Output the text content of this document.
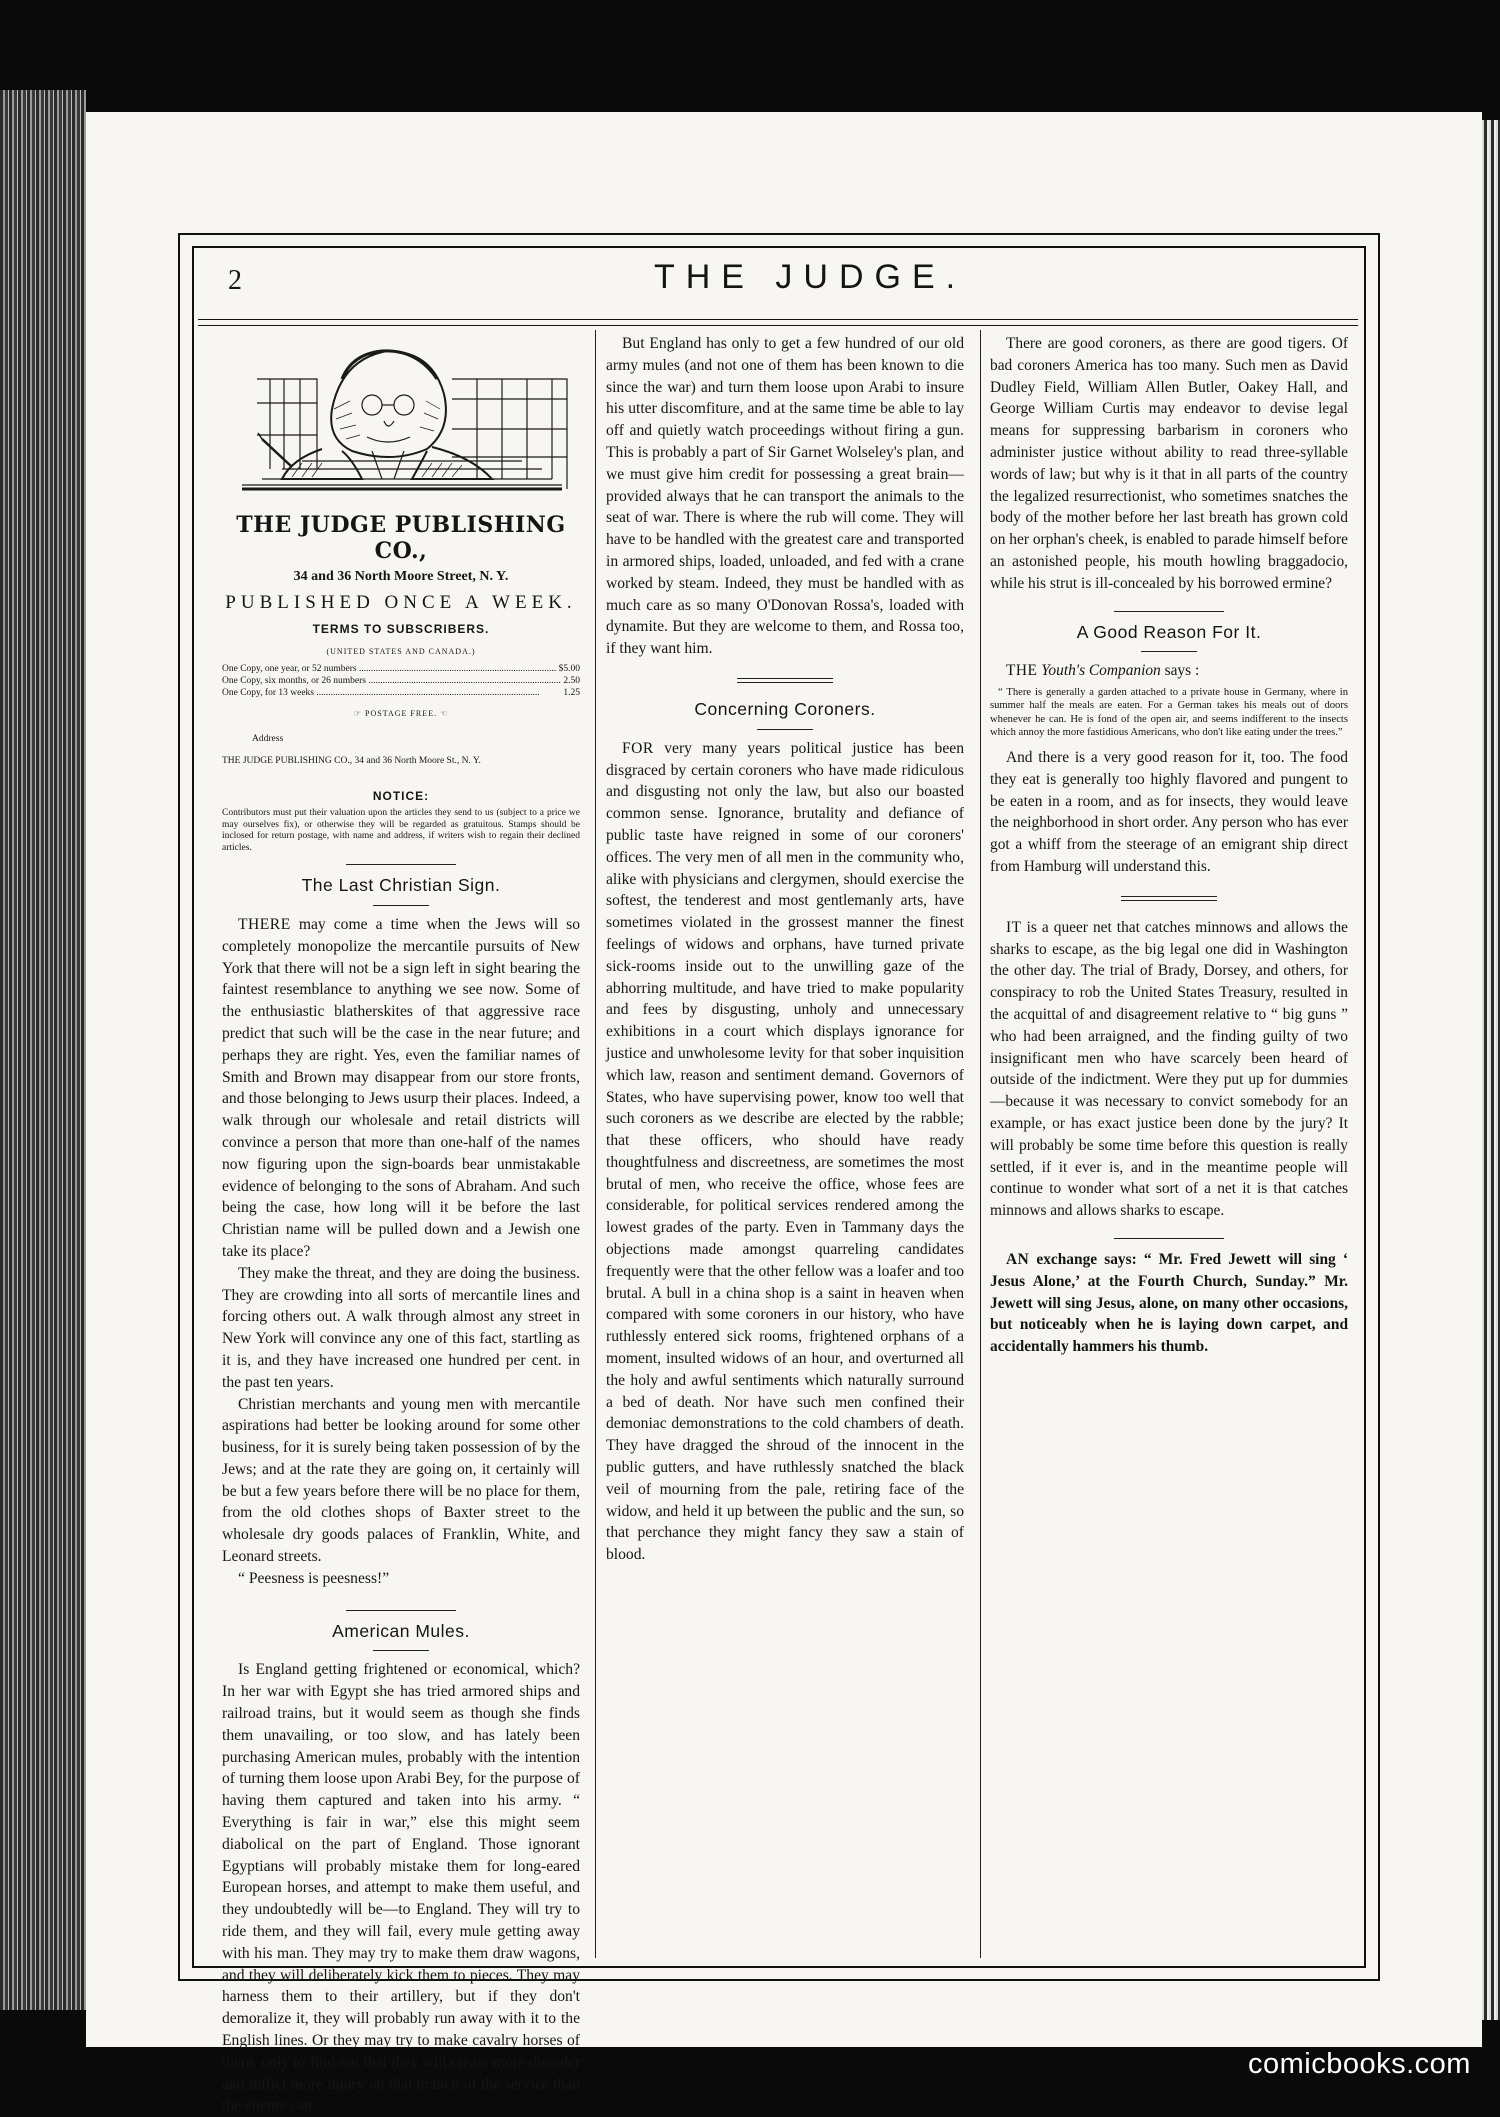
2	THE JUDGE.
THE JUDGE PUBLISHING CO.,
34 and 36 North Moore Street, N. Y.
PUBLISHED ONCE A WEEK.
TERMS TO SUBSCRIBERS.
(UNITED STATES AND CANADA.)
One Copy, one year, or 52 numbers .....	$5.00
One Copy, six months, or 26 numbers .....	2.50
One Copy, for 13 weeks .....	1.25
☞ POSTAGE FREE. ☜
Address
THE JUDGE PUBLISHING CO., 34 and 36 North Moore St., N. Y.
NOTICE:
Contributors must put their valuation upon the articles they send to us (subject to a price we may ourselves fix), or otherwise they will be regarded as gratuitous. Stamps should be inclosed for return postage, with name and address, if writers wish to regain their declined articles.
The Last Christian Sign.

THERE may come a time when the Jews will so completely monopolize the mercantile pursuits of New York that there will not be a sign left in sight bearing the faintest resemblance to anything we see now. Some of the enthusiastic blatherskites of that aggressive race predict that such will be the case in the near future; and perhaps they are right. Yes, even the familiar names of Smith and Brown may disappear from our store fronts, and those belonging to Jews usurp their places. Indeed, a walk through our wholesale and retail districts will convince a person that more than one-half of the names now figuring upon the sign-boards bear unmistakable evidence of belonging to the sons of Abraham. And such being the case, how long will it be before the last Christian name will be pulled down and a Jewish one take its place?

They make the threat, and they are doing the business. They are crowding into all sorts of mercantile lines and forcing others out. A walk through almost any street in New York will convince any one of this fact, startling as it is, and they have increased one hundred per cent. in the past ten years.

Christian merchants and young men with mercantile aspirations had better be looking around for some other business, for it is surely being taken possession of by the Jews; and at the rate they are going on, it certainly will be but a few years before there will be no place for them, from the old clothes shops of Baxter street to the wholesale dry goods palaces of Franklin, White, and Leonard streets.

“ Peesness is peesness!”

American Mules.

Is England getting frightened or economical, which? In her war with Egypt she has tried armored ships and railroad trains, but it would seem as though she finds them unavailing, or too slow, and has lately been purchasing American mules, probably with the intention of turning them loose upon Arabi Bey, for the purpose of having them captured and taken into his army. “ Everything is fair in war,” else this might seem diabolical on the part of England. Those ignorant Egyptians will probably mistake them for long-eared European horses, and attempt to make them useful, and they undoubtedly will be—to England. They will try to ride them, and they will fail, every mule getting away with his man. They may try to make them draw wagons, and they will deliberately kick them to pieces. They may harness them to their artillery, but if they don't demoralize it, they will probably run away with it to the English lines. Or they may try to make cavalry horses of them, only to find out that they will create more disorder and inflict more injury on that branch of the service than the enemy can.

But England has only to get a few hundred of our old army mules (and not one of them has been known to die since the war) and turn them loose upon Arabi to insure his utter discomfiture, and at the same time be able to lay off and quietly watch proceedings without firing a gun. This is probably a part of Sir Garnet Wolseley's plan, and we must give him credit for possessing a great brain—provided always that he can transport the animals to the seat of war. There is where the rub will come. They will have to be handled with the greatest care and transported in armored ships, loaded, unloaded, and fed with a crane worked by steam. Indeed, they must be handled with as much care as so many O'Donovan Rossa's, loaded with dynamite. But they are welcome to them, and Rossa too, if they want him.

Concerning Coroners.

FOR very many years political justice has been disgraced by certain coroners who have made ridiculous and disgusting not only the law, but also our boasted common sense. Ignorance, brutality and defiance of public taste have reigned in some of our coroners' offices. The very men of all men in the community who, alike with physicians and clergymen, should exercise the softest, the tenderest and most gentlemanly arts, have sometimes violated in the grossest manner the finest feelings of widows and orphans, have turned private sick-rooms inside out to the unwilling gaze of the abhorring multitude, and have tried to make popularity and fees by disgusting, unholy and unnecessary exhibitions in a court which displays ignorance for justice and unwholesome levity for that sober inquisition which law, reason and sentiment demand. Governors of States, who have supervising power, know too well that such coroners as we describe are elected by the rabble; that these officers, who should have ready thoughtfulness and discreetness, are sometimes the most brutal of men, who receive the office, whose fees are considerable, for political services rendered among the lowest grades of the party. Even in Tammany days the objections made amongst quarreling candidates frequently were that the other fellow was a loafer and too brutal. A bull in a china shop is a saint in heaven when compared with some coroners in our history, who have ruthlessly entered sick rooms, frightened orphans of a moment, insulted widows of an hour, and overturned all the holy and awful sentiments which naturally surround a bed of death. Nor have such men confined their demoniac demonstrations to the cold chambers of death. They have dragged the shroud of the innocent in the public gutters, and have ruthlessly snatched the black veil of mourning from the pale, retiring face of the widow, and held it up between the public and the sun, so that perchance they might fancy they saw a stain of blood.

There are good coroners, as there are good tigers. Of bad coroners America has too many. Such men as David Dudley Field, William Allen Butler, Oakey Hall, and George William Curtis may endeavor to devise legal means for suppressing barbarism in coroners who administer justice without ability to read three-syllable words of law; but why is it that in all parts of the country the legalized resurrectionist, who sometimes snatches the body of the mother before her last breath has grown cold on her orphan's cheek, is enabled to parade himself before an astonished people, his mouth howling braggadocio, while his strut is ill-concealed by his borrowed ermine?

A Good Reason For It.

THE Youth's Companion says :

“ There is generally a garden attached to a private house in Germany, where in summer half the meals are eaten. For a German takes his meals out of doors whenever he can. He is fond of the open air, and seems indifferent to the insects which annoy the more fastidious Americans, who don't like eating under the trees.”

And there is a very good reason for it, too. The food they eat is generally too highly flavored and pungent to be eaten in a room, and as for insects, they would leave the neighborhood in short order. Any person who has ever got a whiff from the steerage of an emigrant ship direct from Hamburg will understand this.

IT is a queer net that catches minnows and allows the sharks to escape, as the big legal one did in Washington the other day. The trial of Brady, Dorsey, and others, for conspiracy to rob the United States Treasury, resulted in the acquittal of and disagreement relative to “ big guns ” who had been arraigned, and the finding guilty of two insignificant men who have scarcely been heard of outside of the indictment. Were they put up for dummies—because it was necessary to convict somebody for an example, or has exact justice been done by the jury? It will probably be some time before this question is really settled, if it ever is, and in the meantime people will continue to wonder what sort of a net it is that catches minnows and allows sharks to escape.

AN exchange says: “ Mr. Fred Jewett will sing ‘ Jesus Alone,’ at the Fourth Church, Sunday.” Mr. Jewett will sing Jesus, alone, on many other occasions, but noticeably when he is laying down carpet, and accidentally hammers his thumb.

comicbooks.com
